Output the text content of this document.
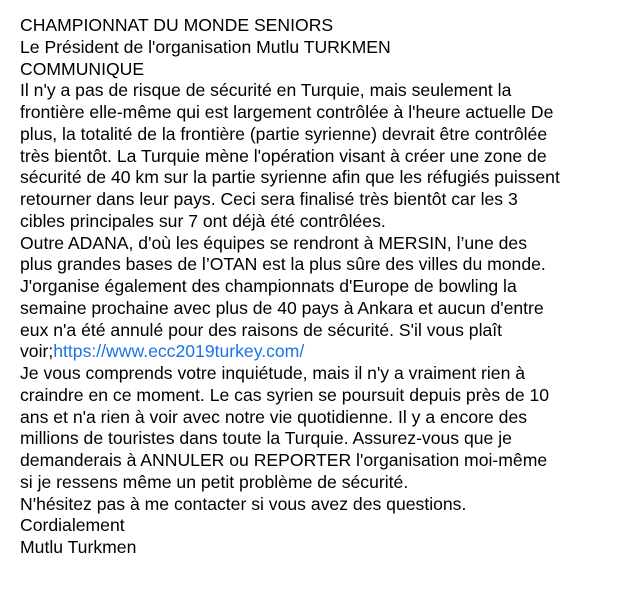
CHAMPIONNAT DU MONDE SENIORS
Le Président de l'organisation Mutlu TURKMEN
COMMUNIQUE

Il n'y a pas de risque de sécurité en Turquie, mais seulement la
frontière elle-même qui est largement contrôlée à l'heure actuelle De
plus, la totalité de la frontière (partie syrienne) devrait être contrôlée
très bientôt. La Turquie mène l'opération visant à créer une zone de
sécurité de 40 km sur la partie syrienne afin que les réfugiés puissent
retourner dans leur pays. Ceci sera finalisé très bientôt car les 3
cibles principales sur 7 ont déjà été contrôlées.

Outre ADANA, d'où les équipes se rendront à MERSIN, l’une des
plus grandes bases de l’OTAN est la plus sûre des villes du monde.
J'organise également des championnats d'Europe de bowling la
semaine prochaine avec plus de 40 pays à Ankara et aucun d'entre
eux n'a été annulé pour des raisons de sécurité. S'il vous plaît
voir;https://www.ecc2019turkey.com/

Je vous comprends votre inquiétude, mais il n'y a vraiment rien à
craindre en ce moment. Le cas syrien se poursuit depuis près de 10
ans et n'a rien à voir avec notre vie quotidienne. Il y a encore des
millions de touristes dans toute la Turquie. Assurez-vous que je
demanderais à ANNULER ou REPORTER l'organisation moi-même
si je ressens même un petit problème de sécurité.

N'hésitez pas à me contacter si vous avez des questions.
Cordialement
Mutlu Turkmen
